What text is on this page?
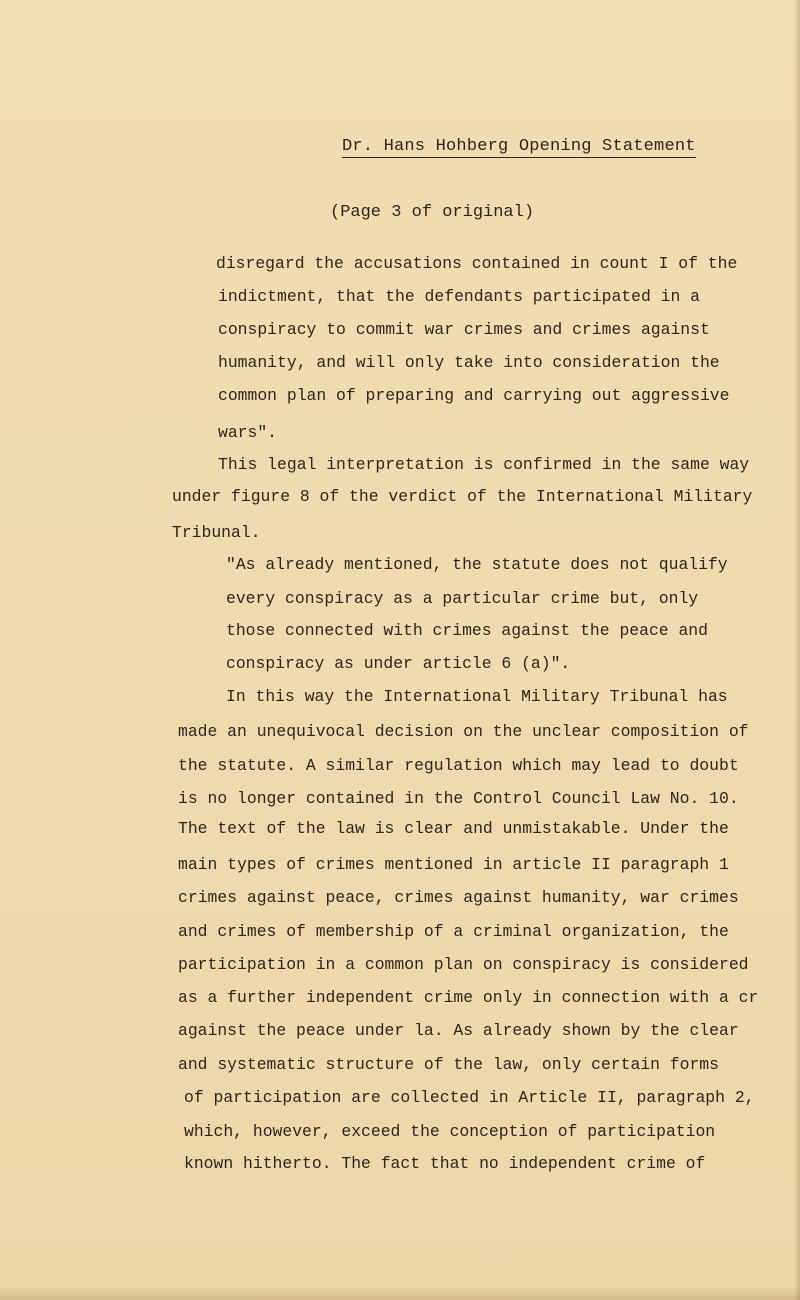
Dr. Hans Hohberg Opening Statement
(Page 3 of original)
disregard the accusations contained in count I of the
indictment, that the defendants participated in a
conspiracy to commit war crimes and crimes against
humanity, and will only take into consideration the
common plan of preparing and carrying out aggressive
wars".
This legal interpretation is confirmed in the same way
under figure 8 of the verdict of the International Military
Tribunal.
"As already mentioned, the statute does not qualify
every conspiracy as a particular crime but, only
those connected with crimes against the peace and
conspiracy as under article 6 (a)".
In this way the International Military Tribunal has
made an unequivocal decision on the unclear composition of
the statute. A similar regulation which may lead to doubt
is no longer contained in the Control Council Law No. 10.
The text of the law is clear and unmistakable. Under the
main types of crimes mentioned in article II paragraph 1
crimes against peace, crimes against humanity, war crimes
and crimes of membership of a criminal organization, the
participation in a common plan on conspiracy is considered
as a further independent crime only in connection with a cr
against the peace under la. As already shown by the clear
and systematic structure of the law, only certain forms
of participation are collected in Article II, paragraph 2,
which, however, exceed the conception of participation
known hitherto. The fact that no independent crime of
